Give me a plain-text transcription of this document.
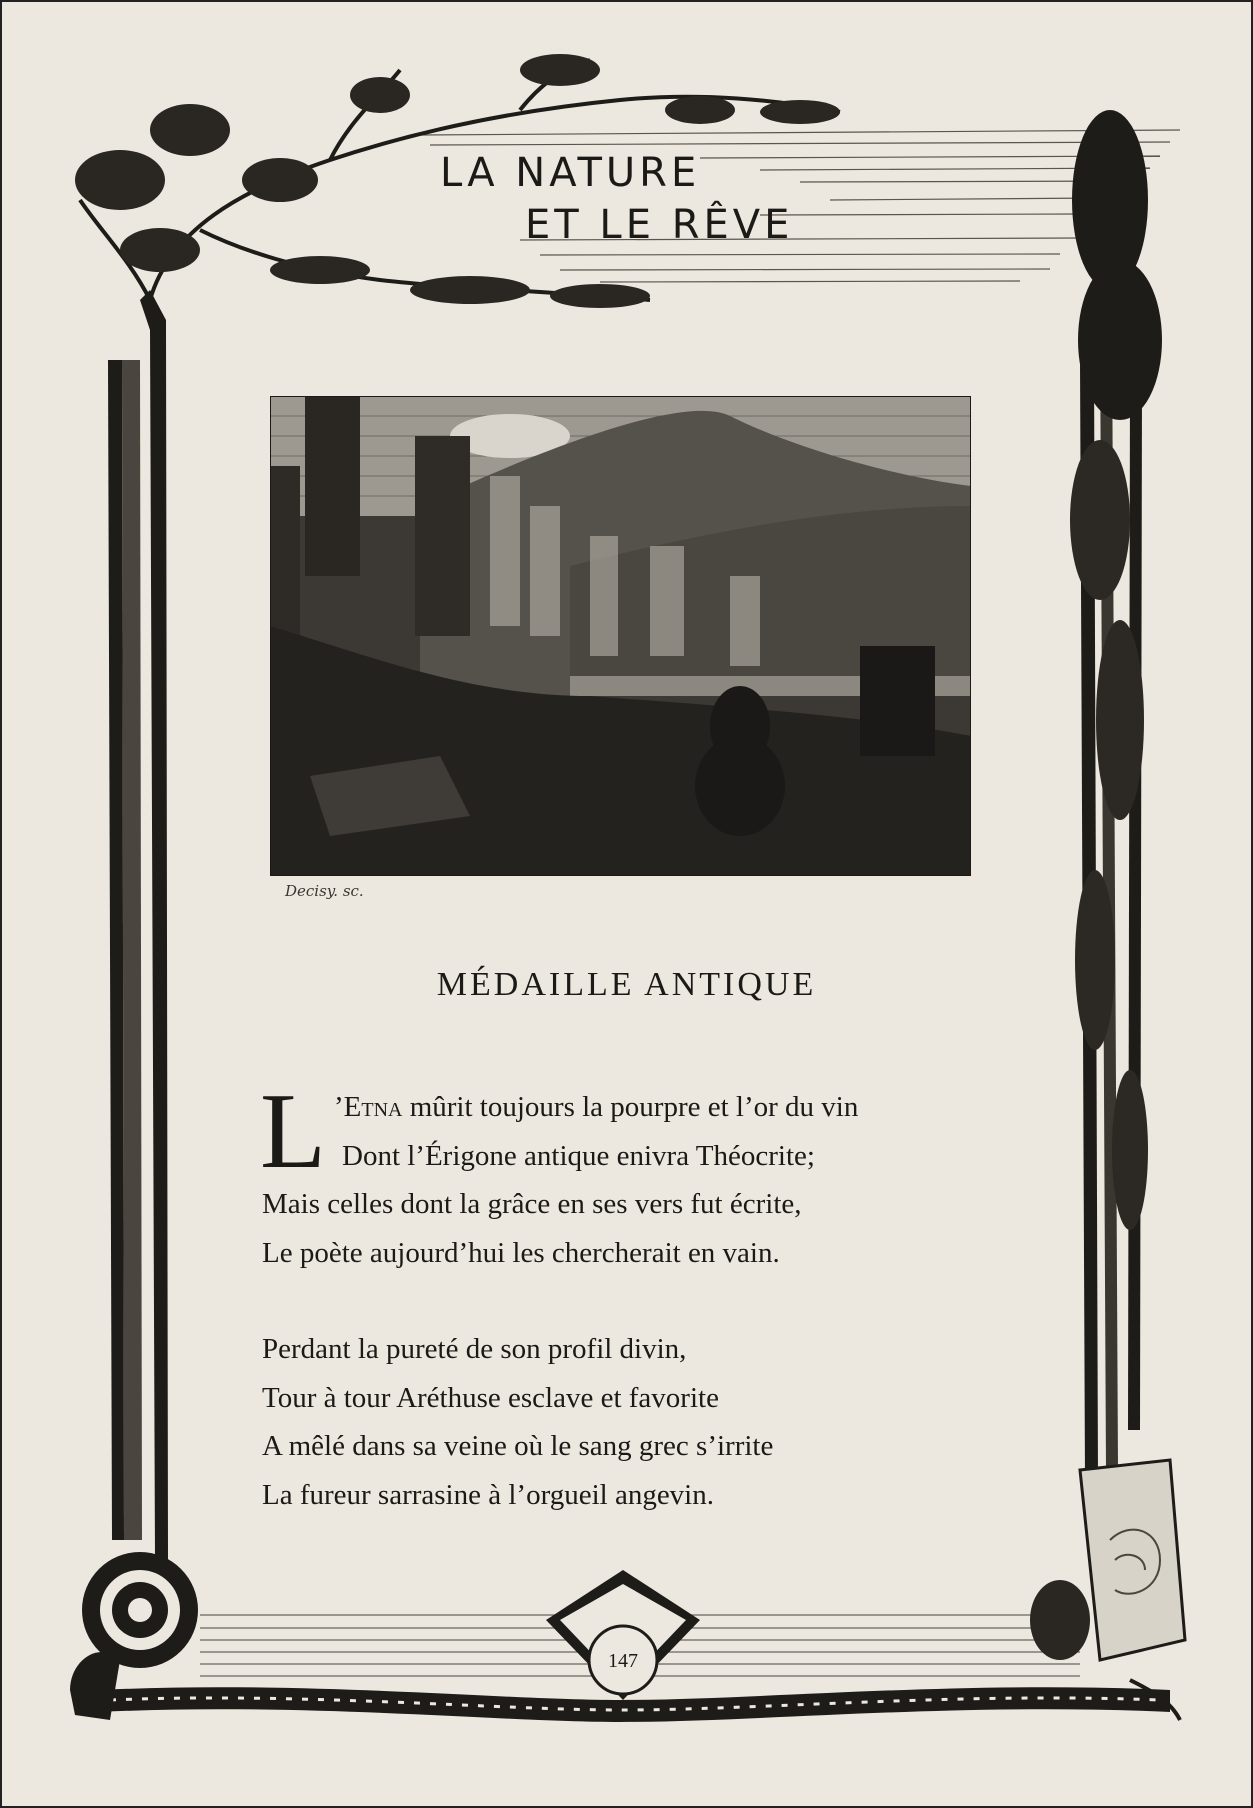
LA NATURE
ET LE RÊVE
Decisy. sc.
MÉDAILLE ANTIQUE
L ’Etna mûrit toujours la pourpre et l’or du vin
Dont l’Érigone antique enivra Théocrite;
Mais celles dont la grâce en ses vers fut écrite,
Le poète aujourd’hui les chercherait en vain.
Perdant la pureté de son profil divin,
Tour à tour Aréthuse esclave et favorite
A mêlé dans sa veine où le sang grec s’irrite
La fureur sarrasine à l’orgueil angevin.
147
